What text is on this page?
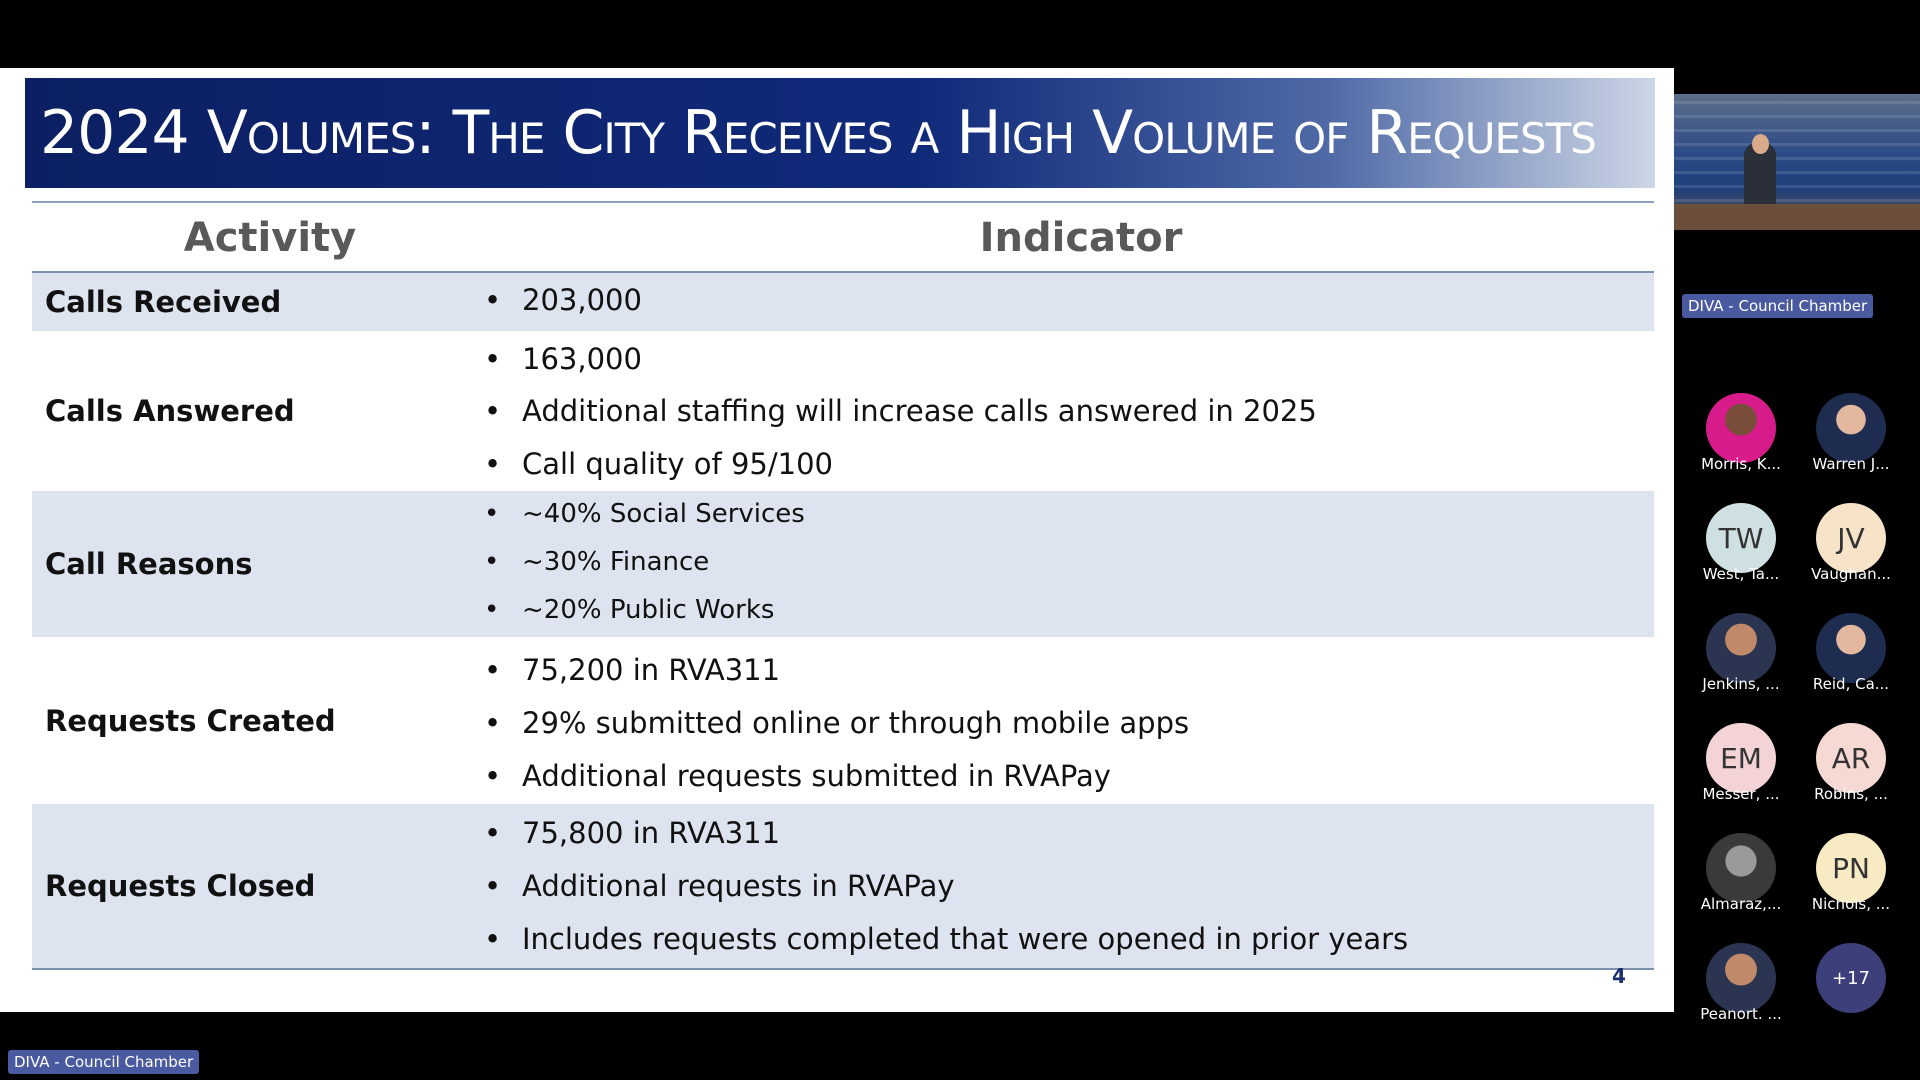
2024 Volumes: The City Receives a High Volume of Requests
Activity	Indicator
Calls Received
•	203,000
Calls Answered
• 163,000
• Additional staffing will increase calls answered in 2025
• Call quality of 95/100
Call Reasons
• ~40% Social Services
• ~30% Finance
• ~20% Public Works
Requests Created
• 75,200 in RVA311
• 29% submitted online or through mobile apps
• Additional requests submitted in RVAPay
Requests Closed
• 75,800 in RVA311
• Additional requests in RVAPay
• Includes requests completed that were opened in prior years
4
DIVA - Council Chamber
Morris, K...	Warren J...
TW
West, Ta...
JV
Vaughan...
Jenkins, ...	Reid, Ca...
EM
Messer, ...
AR
Robins, ...
Almaraz,...
PN
Nichols, ...
Peanort. ...
+17
DIVA - Council Chamber
